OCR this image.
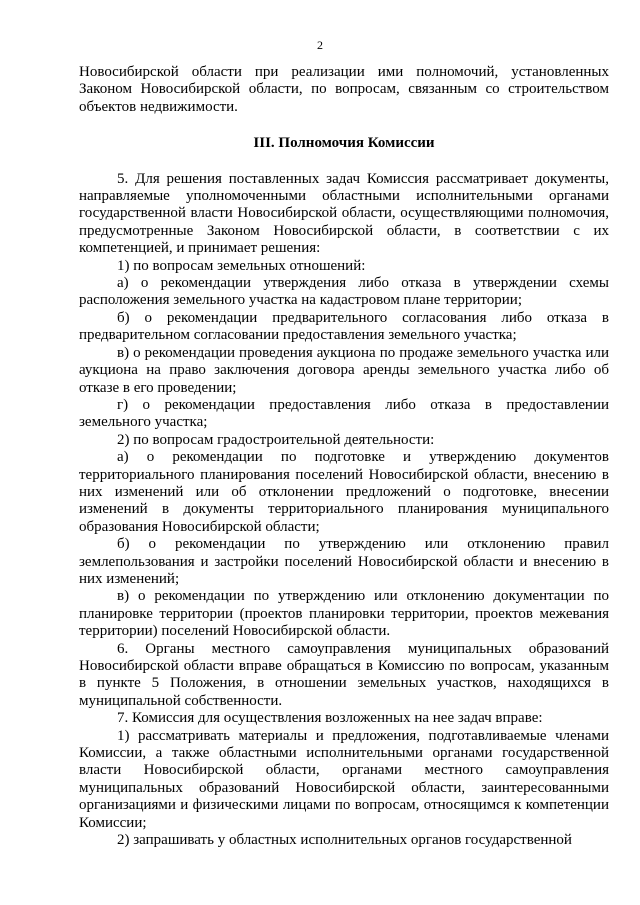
2

Новосибирской области при реализации ими полномочий, установленных Законом Новосибирской области, по вопросам, связанным со строительством объектов недвижимости.

III. Полномочия Комиссии

5. Для решения поставленных задач Комиссия рассматривает документы, направляемые уполномоченными областными исполнительными органами государственной власти Новосибирской области, осуществляющими полномочия, предусмотренные Законом Новосибирской области, в соответствии с их компетенцией, и принимает решения:

1) по вопросам земельных отношений:

а) о рекомендации утверждения либо отказа в утверждении схемы расположения земельного участка на кадастровом плане территории;

б) о рекомендации предварительного согласования либо отказа в предварительном согласовании предоставления земельного участка;

в) о рекомендации проведения аукциона по продаже земельного участка или аукциона на право заключения договора аренды земельного участка либо об отказе в его проведении;

г) о рекомендации предоставления либо отказа в предоставлении земельного участка;

2) по вопросам градостроительной деятельности:

а) о рекомендации по подготовке и утверждению документов территориального планирования поселений Новосибирской области, внесению в них изменений или об отклонении предложений о подготовке, внесении изменений в документы территориального планирования муниципального образования Новосибирской области;

б) о рекомендации по утверждению или отклонению правил землепользования и застройки поселений Новосибирской области и внесению в них изменений;

в) о рекомендации по утверждению или отклонению документации по планировке территории (проектов планировки территории, проектов межевания территории) поселений Новосибирской области.

6. Органы местного самоуправления муниципальных образований Новосибирской области вправе обращаться в Комиссию по вопросам, указанным в пункте 5 Положения, в отношении земельных участков, находящихся в муниципальной собственности.

7. Комиссия для осуществления возложенных на нее задач вправе:

1) рассматривать материалы и предложения, подготавливаемые членами Комиссии, а также областными исполнительными органами государственной власти Новосибирской области, органами местного самоуправления муниципальных образований Новосибирской области, заинтересованными организациями и физическими лицами по вопросам, относящимся к компетенции Комиссии;

2) запрашивать у областных исполнительных органов государственной
